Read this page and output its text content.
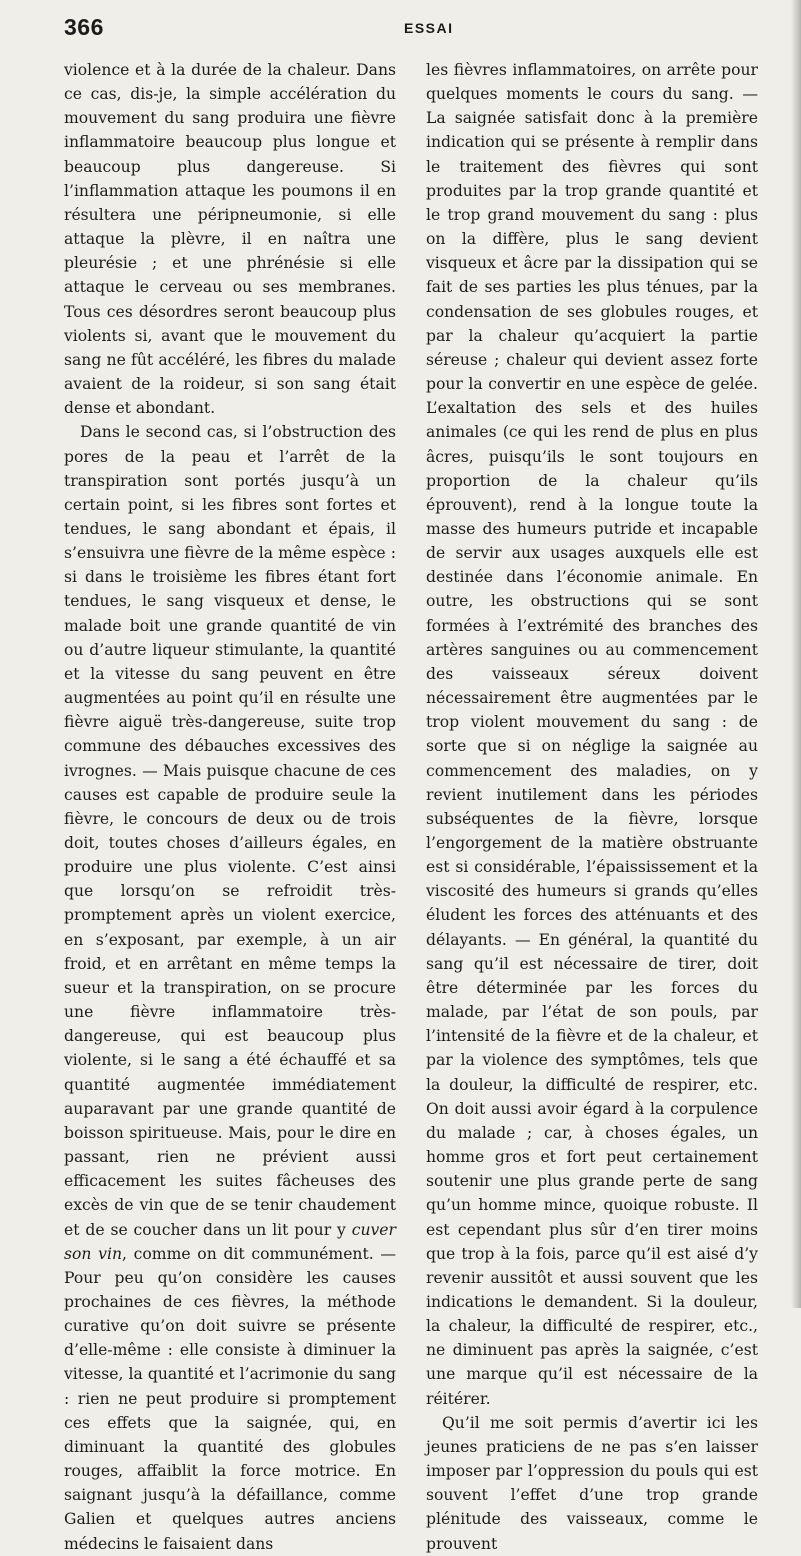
366	ESSAI

violence et à la durée de la chaleur. Dans ce cas, dis-je, la simple accélération du mouvement du sang produira une fièvre inflammatoire beaucoup plus longue et beaucoup plus dangereuse. Si l’inflammation attaque les poumons il en résultera une péripneumonie, si elle attaque la plèvre, il en naîtra une pleurésie ; et une phrénésie si elle attaque le cerveau ou ses membranes. Tous ces désordres seront beaucoup plus violents si, avant que le mouvement du sang ne fût accéléré, les fibres du malade avaient de la roideur, si son sang était dense et abondant.

Dans le second cas, si l’obstruction des pores de la peau et l’arrêt de la transpiration sont portés jusqu’à un certain point, si les fibres sont fortes et tendues, le sang abondant et épais, il s’ensuivra une fièvre de la même espèce : si dans le troisième les fibres étant fort tendues, le sang visqueux et dense, le malade boit une grande quantité de vin ou d’autre liqueur stimulante, la quantité et la vitesse du sang peuvent en être augmentées au point qu’il en résulte une fièvre aiguë très-dangereuse, suite trop commune des débauches excessives des ivrognes. — Mais puisque chacune de ces causes est capable de produire seule la fièvre, le concours de deux ou de trois doit, toutes choses d’ailleurs égales, en produire une plus violente. C’est ainsi que lorsqu’on se refroidit très-promptement après un violent exercice, en s’exposant, par exemple, à un air froid, et en arrêtant en même temps la sueur et la transpiration, on se procure une fièvre inflammatoire très-dangereuse, qui est beaucoup plus violente, si le sang a été échauffé et sa quantité augmentée immédiatement auparavant par une grande quantité de boisson spiritueuse. Mais, pour le dire en passant, rien ne prévient aussi efficacement les suites fâcheuses des excès de vin que de se tenir chaudement et de se coucher dans un lit pour y cuver son vin, comme on dit communément. — Pour peu qu’on considère les causes prochaines de ces fièvres, la méthode curative qu’on doit suivre se présente d’elle-même : elle consiste à diminuer la vitesse, la quantité et l’acrimonie du sang : rien ne peut produire si promptement ces effets que la saignée, qui, en diminuant la quantité des globules rouges, affaiblit la force motrice. En saignant jusqu’à la défaillance, comme Galien et quelques autres anciens médecins le faisaient dans

les fièvres inflammatoires, on arrête pour quelques moments le cours du sang. — La saignée satisfait donc à la première indication qui se présente à remplir dans le traitement des fièvres qui sont produites par la trop grande quantité et le trop grand mouvement du sang : plus on la diffère, plus le sang devient visqueux et âcre par la dissipation qui se fait de ses parties les plus ténues, par la condensation de ses globules rouges, et par la chaleur qu’acquiert la partie séreuse ; chaleur qui devient assez forte pour la convertir en une espèce de gelée. L’exaltation des sels et des huiles animales (ce qui les rend de plus en plus âcres, puisqu’ils le sont toujours en proportion de la chaleur qu’ils éprouvent), rend à la longue toute la masse des humeurs putride et incapable de servir aux usages auxquels elle est destinée dans l’économie animale. En outre, les obstructions qui se sont formées à l’extrémité des branches des artères sanguines ou au commencement des vaisseaux séreux doivent nécessairement être augmentées par le trop violent mouvement du sang : de sorte que si on néglige la saignée au commencement des maladies, on y revient inutilement dans les périodes subséquentes de la fièvre, lorsque l’engorgement de la matière obstruante est si considérable, l’épaississement et la viscosité des humeurs si grands qu’elles éludent les forces des atténuants et des délayants. — En général, la quantité du sang qu’il est nécessaire de tirer, doit être déterminée par les forces du malade, par l’état de son pouls, par l’intensité de la fièvre et de la chaleur, et par la violence des symptômes, tels que la douleur, la difficulté de respirer, etc. On doit aussi avoir égard à la corpulence du malade ; car, à choses égales, un homme gros et fort peut certainement soutenir une plus grande perte de sang qu’un homme mince, quoique robuste. Il est cependant plus sûr d’en tirer moins que trop à la fois, parce qu’il est aisé d’y revenir aussitôt et aussi souvent que les indications le demandent. Si la douleur, la chaleur, la difficulté de respirer, etc., ne diminuent pas après la saignée, c’est une marque qu’il est nécessaire de la réitérer.

Qu’il me soit permis d’avertir ici les jeunes praticiens de ne pas s’en laisser imposer par l’oppression du pouls qui est souvent l’effet d’une trop grande plénitude des vaisseaux, comme le prouvent
